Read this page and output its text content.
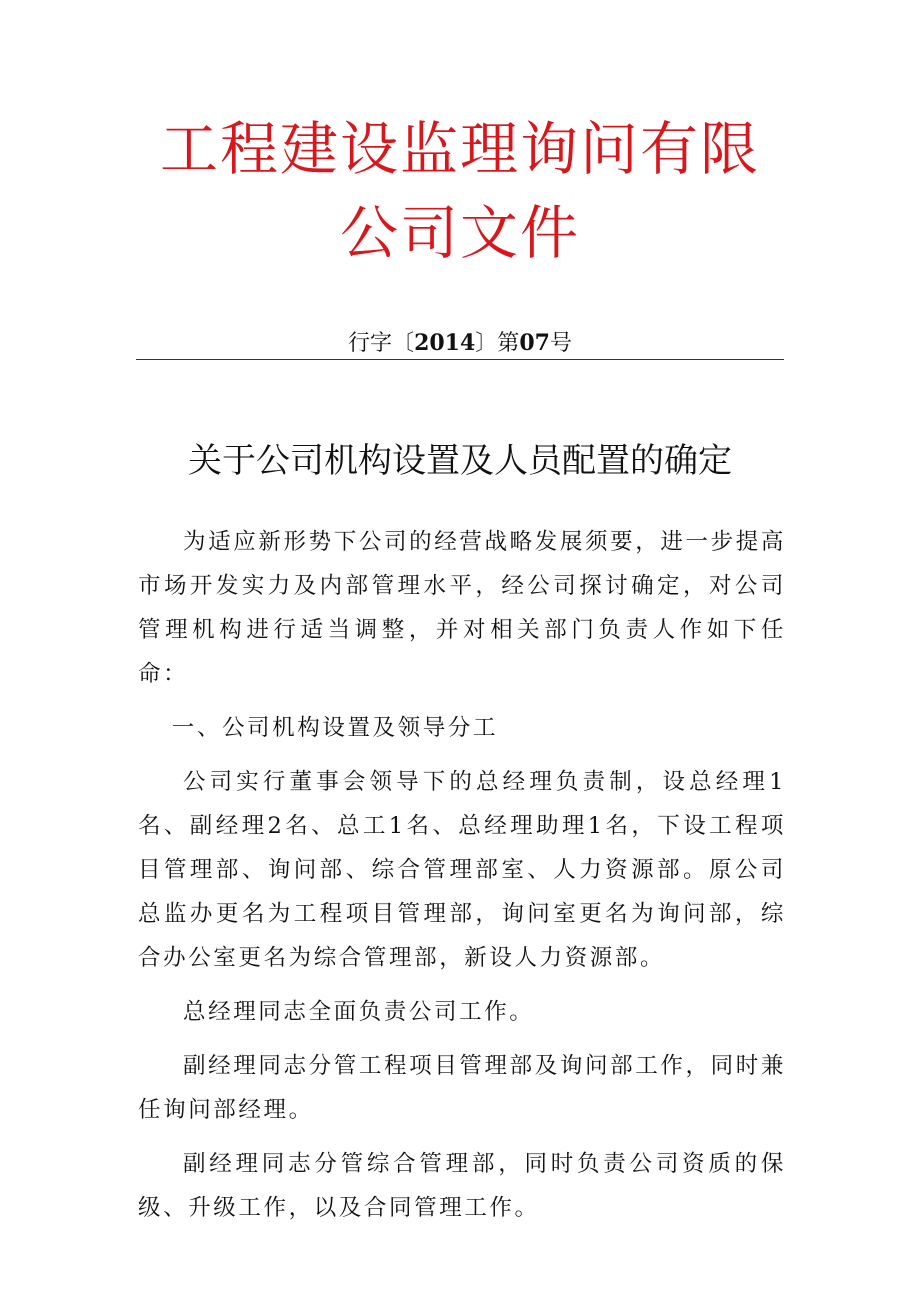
工程建设监理询问有限
公司文件
行字〔2014〕第07号
关于公司机构设置及人员配置的确定

为适应新形势下公司的经营战略发展须要，进一步提高市场开发实力及内部管理水平，经公司探讨确定，对公司管理机构进行适当调整，并对相关部门负责人作如下任命：

一、公司机构设置及领导分工

公司实行董事会领导下的总经理负责制，设总经理1名、副经理2名、总工1名、总经理助理1名，下设工程项目管理部、询问部、综合管理部室、人力资源部。原公司总监办更名为工程项目管理部，询问室更名为询问部，综合办公室更名为综合管理部，新设人力资源部。

总经理同志全面负责公司工作。

副经理同志分管工程项目管理部及询问部工作，同时兼任询问部经理。

副经理同志分管综合管理部，同时负责公司资质的保级、升级工作，以及合同管理工作。
